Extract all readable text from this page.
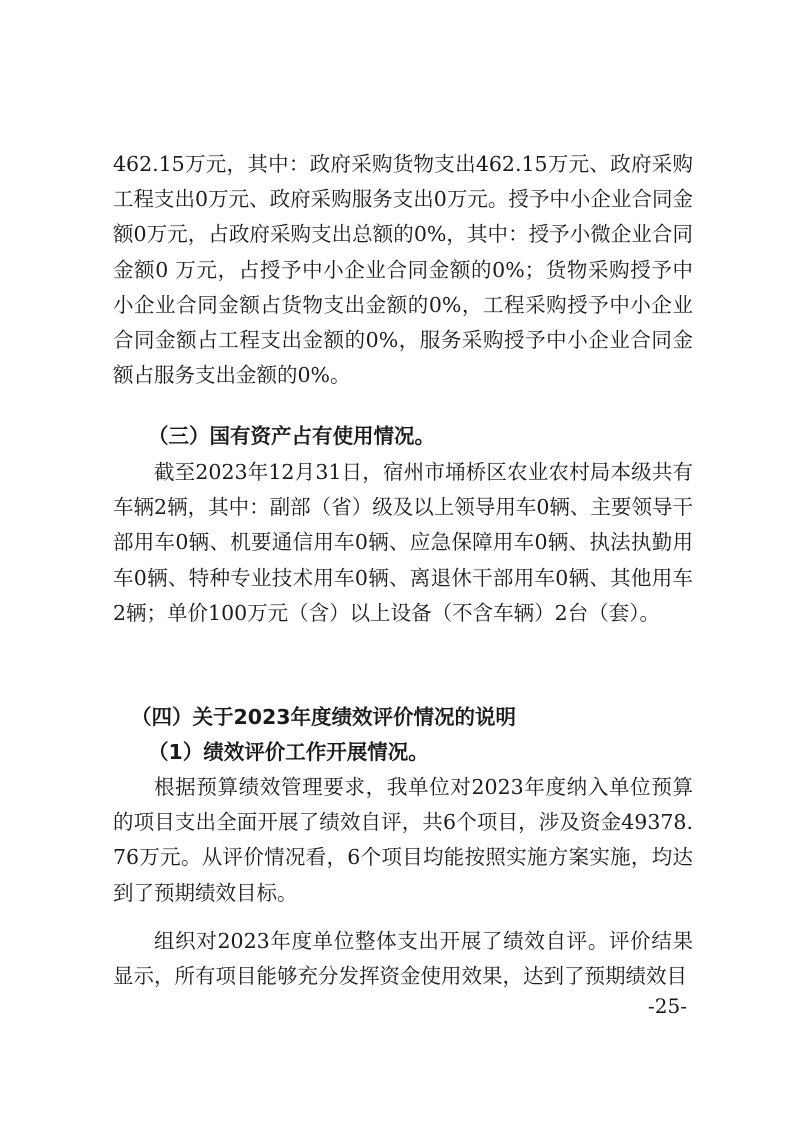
462.15万元，其中：政府采购货物支出462.15万元、政府采购工程支出0万元、政府采购服务支出0万元。授予中小企业合同金额0万元，占政府采购支出总额的0%，其中：授予小微企业合同金额0 万元，占授予中小企业合同金额的0%；货物采购授予中小企业合同金额占货物支出金额的0%，工程采购授予中小企业合同金额占工程支出金额的0%，服务采购授予中小企业合同金额占服务支出金额的0%。

（三）国有资产占有使用情况。

截至2023年12月31日，宿州市埇桥区农业农村局本级共有车辆2辆，其中：副部（省）级及以上领导用车0辆、主要领导干部用车0辆、机要通信用车0辆、应急保障用车0辆、执法执勤用车0辆、特种专业技术用车0辆、离退休干部用车0辆、其他用车2辆；单价100万元（含）以上设备（不含车辆）2台（套）。

（四）关于2023年度绩效评价情况的说明

（1）绩效评价工作开展情况。

根据预算绩效管理要求，我单位对2023年度纳入单位预算的项目支出全面开展了绩效自评，共6个项目，涉及资金49378.76万元。从评价情况看，6个项目均能按照实施方案实施，均达到了预期绩效目标。

组织对2023年度单位整体支出开展了绩效自评。评价结果显示，所有项目能够充分发挥资金使用效果，达到了预期绩效目

-25-
